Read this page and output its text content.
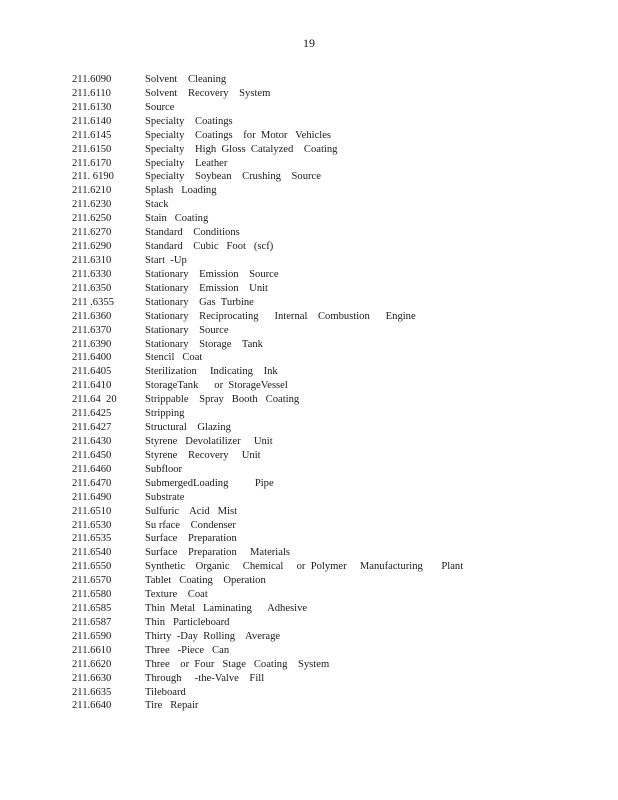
19
211.6090	Solvent    Cleaning
211.6110	Solvent    Recovery    System
211.6130	Source
211.6140	Specialty    Coatings
211.6145	Specialty    Coatings    for  Motor   Vehicles
211.6150	Specialty    High  Gloss  Catalyzed    Coating
211.6170	Specialty    Leather
211. 6190	Specialty    Soybean    Crushing    Source
211.6210	Splash   Loading
211.6230	Stack
211.6250	Stain   Coating
211.6270	Standard    Conditions
211.6290	Standard    Cubic   Foot   (scf)
211.6310	Start  -Up
211.6330	Stationary    Emission    Source
211.6350	Stationary    Emission    Unit
211 .6355	Stationary    Gas  Turbine
211.6360	Stationary    Reciprocating      Internal    Combustion      Engine
211.6370	Stationary    Source
211.6390	Stationary    Storage    Tank
211.6400	Stencil   Coat
211.6405	Sterilization     Indicating    Ink
211.6410	StorageTank      or  StorageVessel
211.64  20	Strippable    Spray   Booth   Coating
211.6425	Stripping
211.6427	Structural    Glazing
211.6430	Styrene   Devolatilizer     Unit
211.6450	Styrene    Recovery     Unit
211.6460	Subfloor
211.6470	SubmergedLoading          Pipe
211.6490	Substrate
211.6510	Sulfuric    Acid   Mist
211.6530	Su rface    Condenser
211.6535	Surface    Preparation
211.6540	Surface    Preparation     Materials
211.6550	Synthetic    Organic     Chemical     or  Polymer     Manufacturing       Plant
211.6570	Tablet   Coating    Operation
211.6580	Texture    Coat
211.6585	Thin  Metal   Laminating      Adhesive
211.6587	Thin   Particleboard
211.6590	Thirty  -Day  Rolling    Average
211.6610	Three   -Piece   Can
211.6620	Three    or  Four   Stage   Coating    System
211.6630	Through     -the-Valve    Fill
211.6635	Tileboard
211.6640	Tire   Repair
